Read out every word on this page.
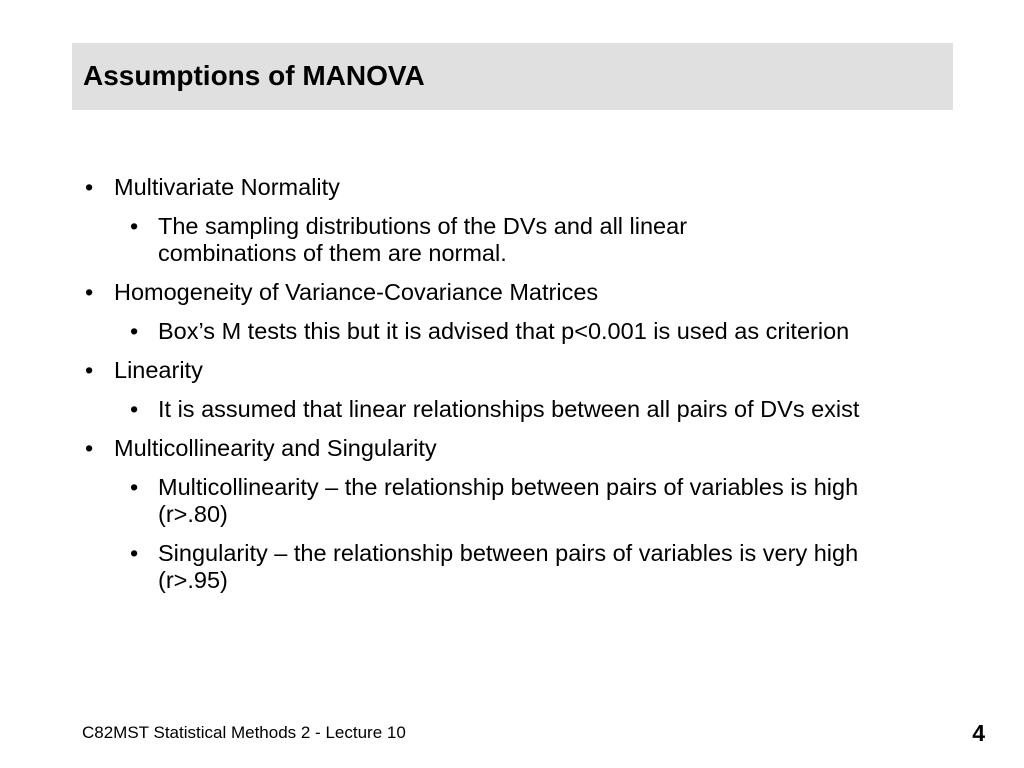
Assumptions of MANOVA
• Multivariate Normality
• The sampling distributions of the DVs and all linear combinations of them are normal.
• Homogeneity of Variance-Covariance Matrices
• Box’s M tests this but it is advised that p<0.001 is used as criterion
• Linearity
• It is assumed that linear relationships between all pairs of DVs exist
• Multicollinearity and Singularity
• Multicollinearity – the relationship between pairs of variables is high (r>.80)
• Singularity – the relationship between pairs of variables is very high (r>.95)
C82MST Statistical Methods 2 - Lecture 10	4
